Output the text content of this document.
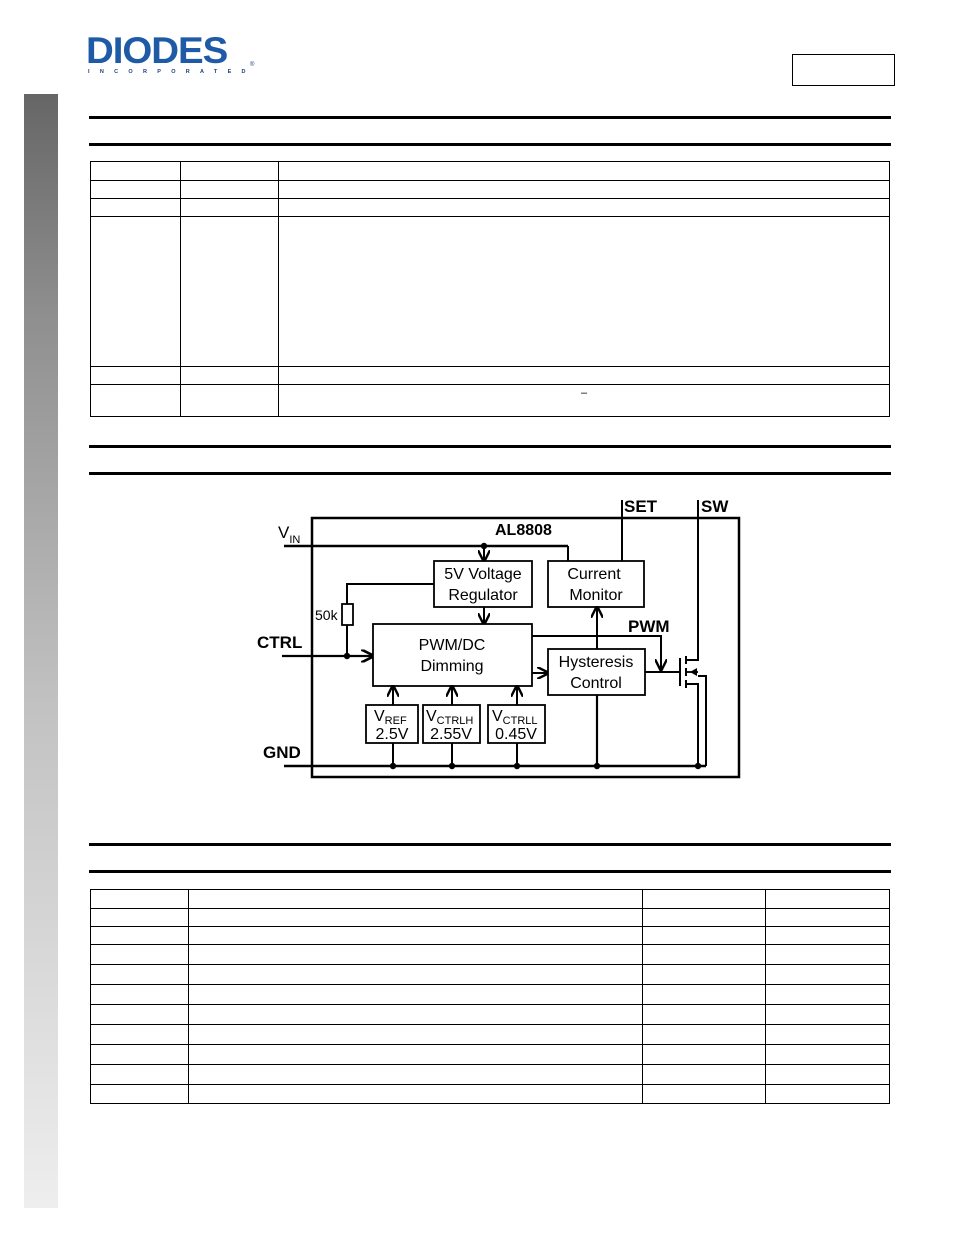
DIODES
INCORPORATED
®

		–
AL8808
$V_{IN}$
5V Voltage
Regulator
Current
Monitor
SET
50k
CTRL	PWM/DC
Dimming
PWM
Hysteresis
Control
SW
GND
VREF
2.5V
VCTRLH
2.55V
VCTRLL
0.45V
